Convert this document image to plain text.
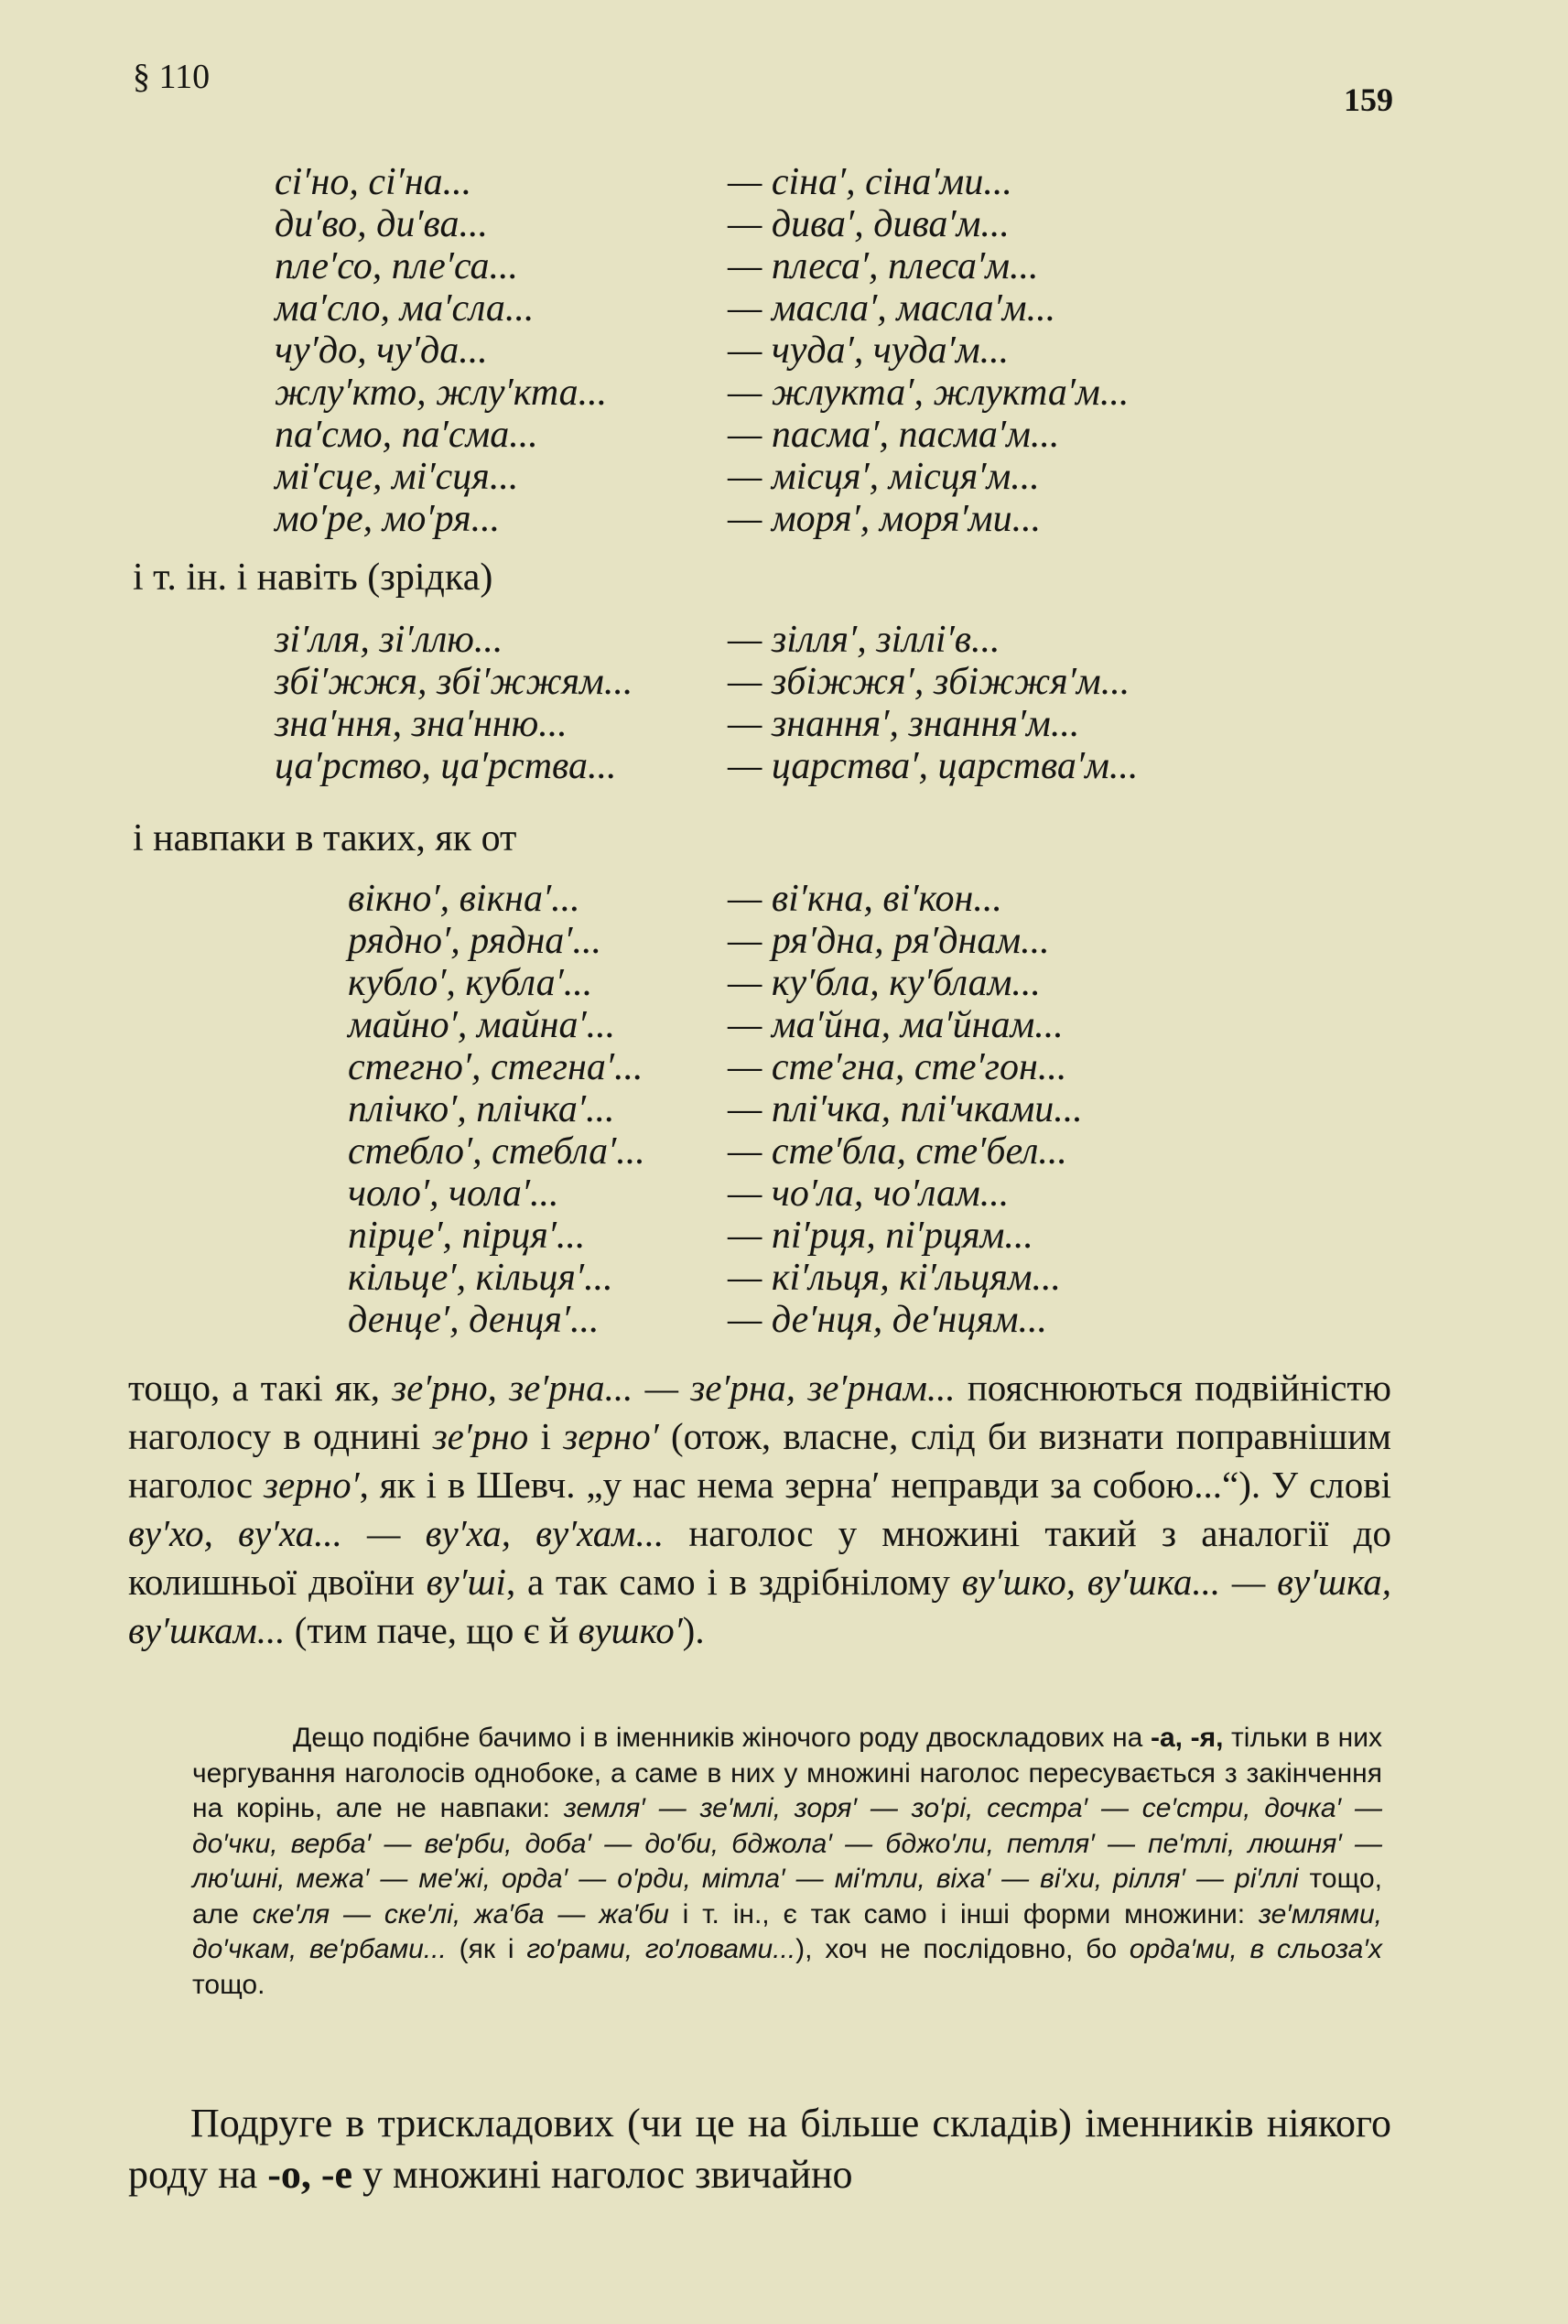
§ 110
159
сі′но, сі′на...	— сіна′, сіна′ми...
ди′во, ди′ва...	— дива′, дива′м...
пле′со, пле′са...	— плеса′, плеса′м...
ма′сло, ма′сла...	— масла′, масла′м...
чу′до, чу′да...	— чуда′, чуда′м...
жлу′кто, жлу′кта...	— жлукта′, жлукта′м...
па′смо, па′сма...	— пасма′, пасма′м...
мі′сце, мі′сця...	— місця′, місця′м...
мо′ре, мо′ря...	— моря′, моря′ми...
і т. ін. і навіть (зрідка)
зі′лля, зі′ллю...	— зілля′, зіллі′в...
збі′жжя, збі′жжям... — збіжжя′, збіжжя′м...
зна′ння, зна′нню...	— знання′, знання′м...
ца′рство, ца′рства...	— царства′, царства′м...
і навпаки в таких, як от
вікно′, вікна′...	— ві′кна, ві′кон...
рядно′, рядна′...	— ря′дна, ря′днам...
кубло′, кубла′...	— ку′бла, ку′блам...
майно′, майна′...	— ма′йна, ма′йнам...
стегно′, стегна′... — сте′гна, сте′гон...
плічко′, плічка′...	— плі′чка, плі′чками...
стебло′, стебла′... — сте′бла, сте′бел...
чоло′, чола′...	— чо′ла, чо′лам...
пірце′, пірця′...	— пі′рця, пі′рцям...
кільце′, кільця′...	— кі′льця, кі′льцям...
денце′, денця′...	— де′нця, де′нцям...
тощо, а такі як, зе′рно, зе′рна... — зе′рна, зе′рнам... пояснюються подвійністю наголосу в однині зе′рно і зерно′ (отож, власне, слід би визнати поправнішим наголос зерно′, як і в Шевч. „у нас нема зерна′ неправди за собою...“). У слові ву′хо, ву′ха... — ву′ха, ву′хам... наголос у множині такий з аналогії до колишньої двоїни ву′ші, а так само і в здрібнілому ву′шко, ву′шка... — ву′шка, ву′шкам... (тим паче, що є й вушко′).
Дещо подібне бачимо і в іменників жіночого роду двоскладових на -а, -я, тільки в них чергування наголосів однобоке, а саме в них у множині наголос пересувається з закінчення на корінь, але не навпаки: земля′ — зе′млі, зоря′ — зо′рі, сестра′ — се′стри, дочка′ — до′чки, верба′ — ве′рби, доба′ — до′би, бджола′ — бджо′ли, петля′ — пе′тлі, люшня′ — лю′шні, межа′ — ме′жі, орда′ — о′рди, мітла′ — мі′тли, віха′ — ві′хи, рілля′ — рі′ллі тощо, але ске′ля — ске′лі, жа′ба — жа′би і т. ін., є так само і інші форми множини: зе′млями, до′чкам, ве′рбами... (як і го′рами, го′ловами...), хоч не послідовно, бо орда′ми, в сльоза′х тощо.
Подруге в трискладових (чи це на більше складів) іменників ніякого роду на -о, -е у множині наголос звичайно
